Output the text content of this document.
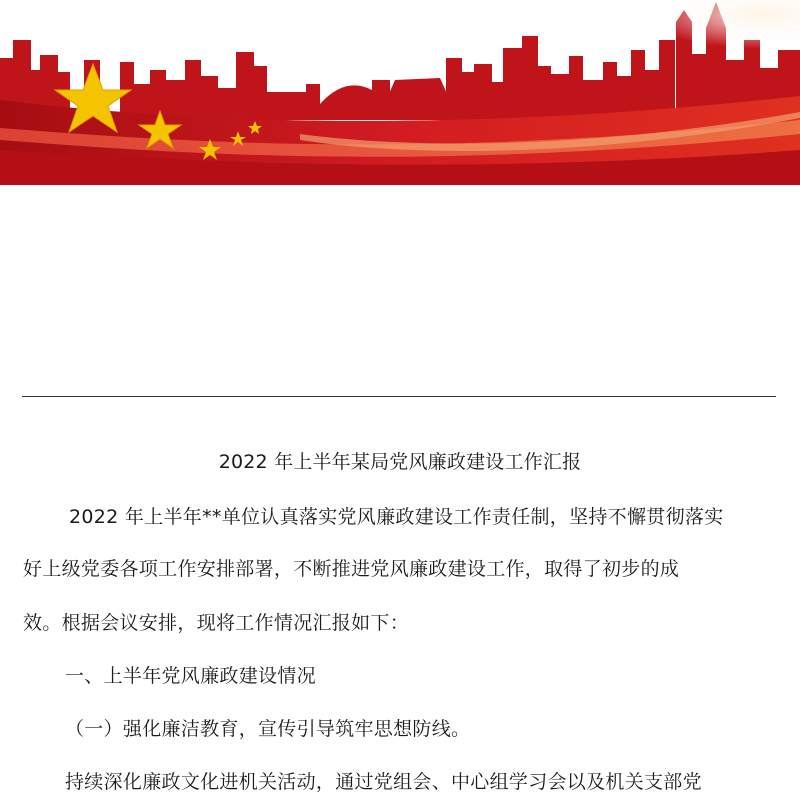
2022 年上半年某局党风廉政建设工作汇报
2022 年上半年**单位认真落实党风廉政建设工作责任制，坚持不懈贯彻落实
好上级党委各项工作安排部署，不断推进党风廉政建设工作，取得了初步的成
效。根据会议安排，现将工作情况汇报如下：
一、上半年党风廉政建设情况
（一）强化廉洁教育，宣传引导筑牢思想防线。
持续深化廉政文化进机关活动，通过党组会、中心组学习会以及机关支部党
